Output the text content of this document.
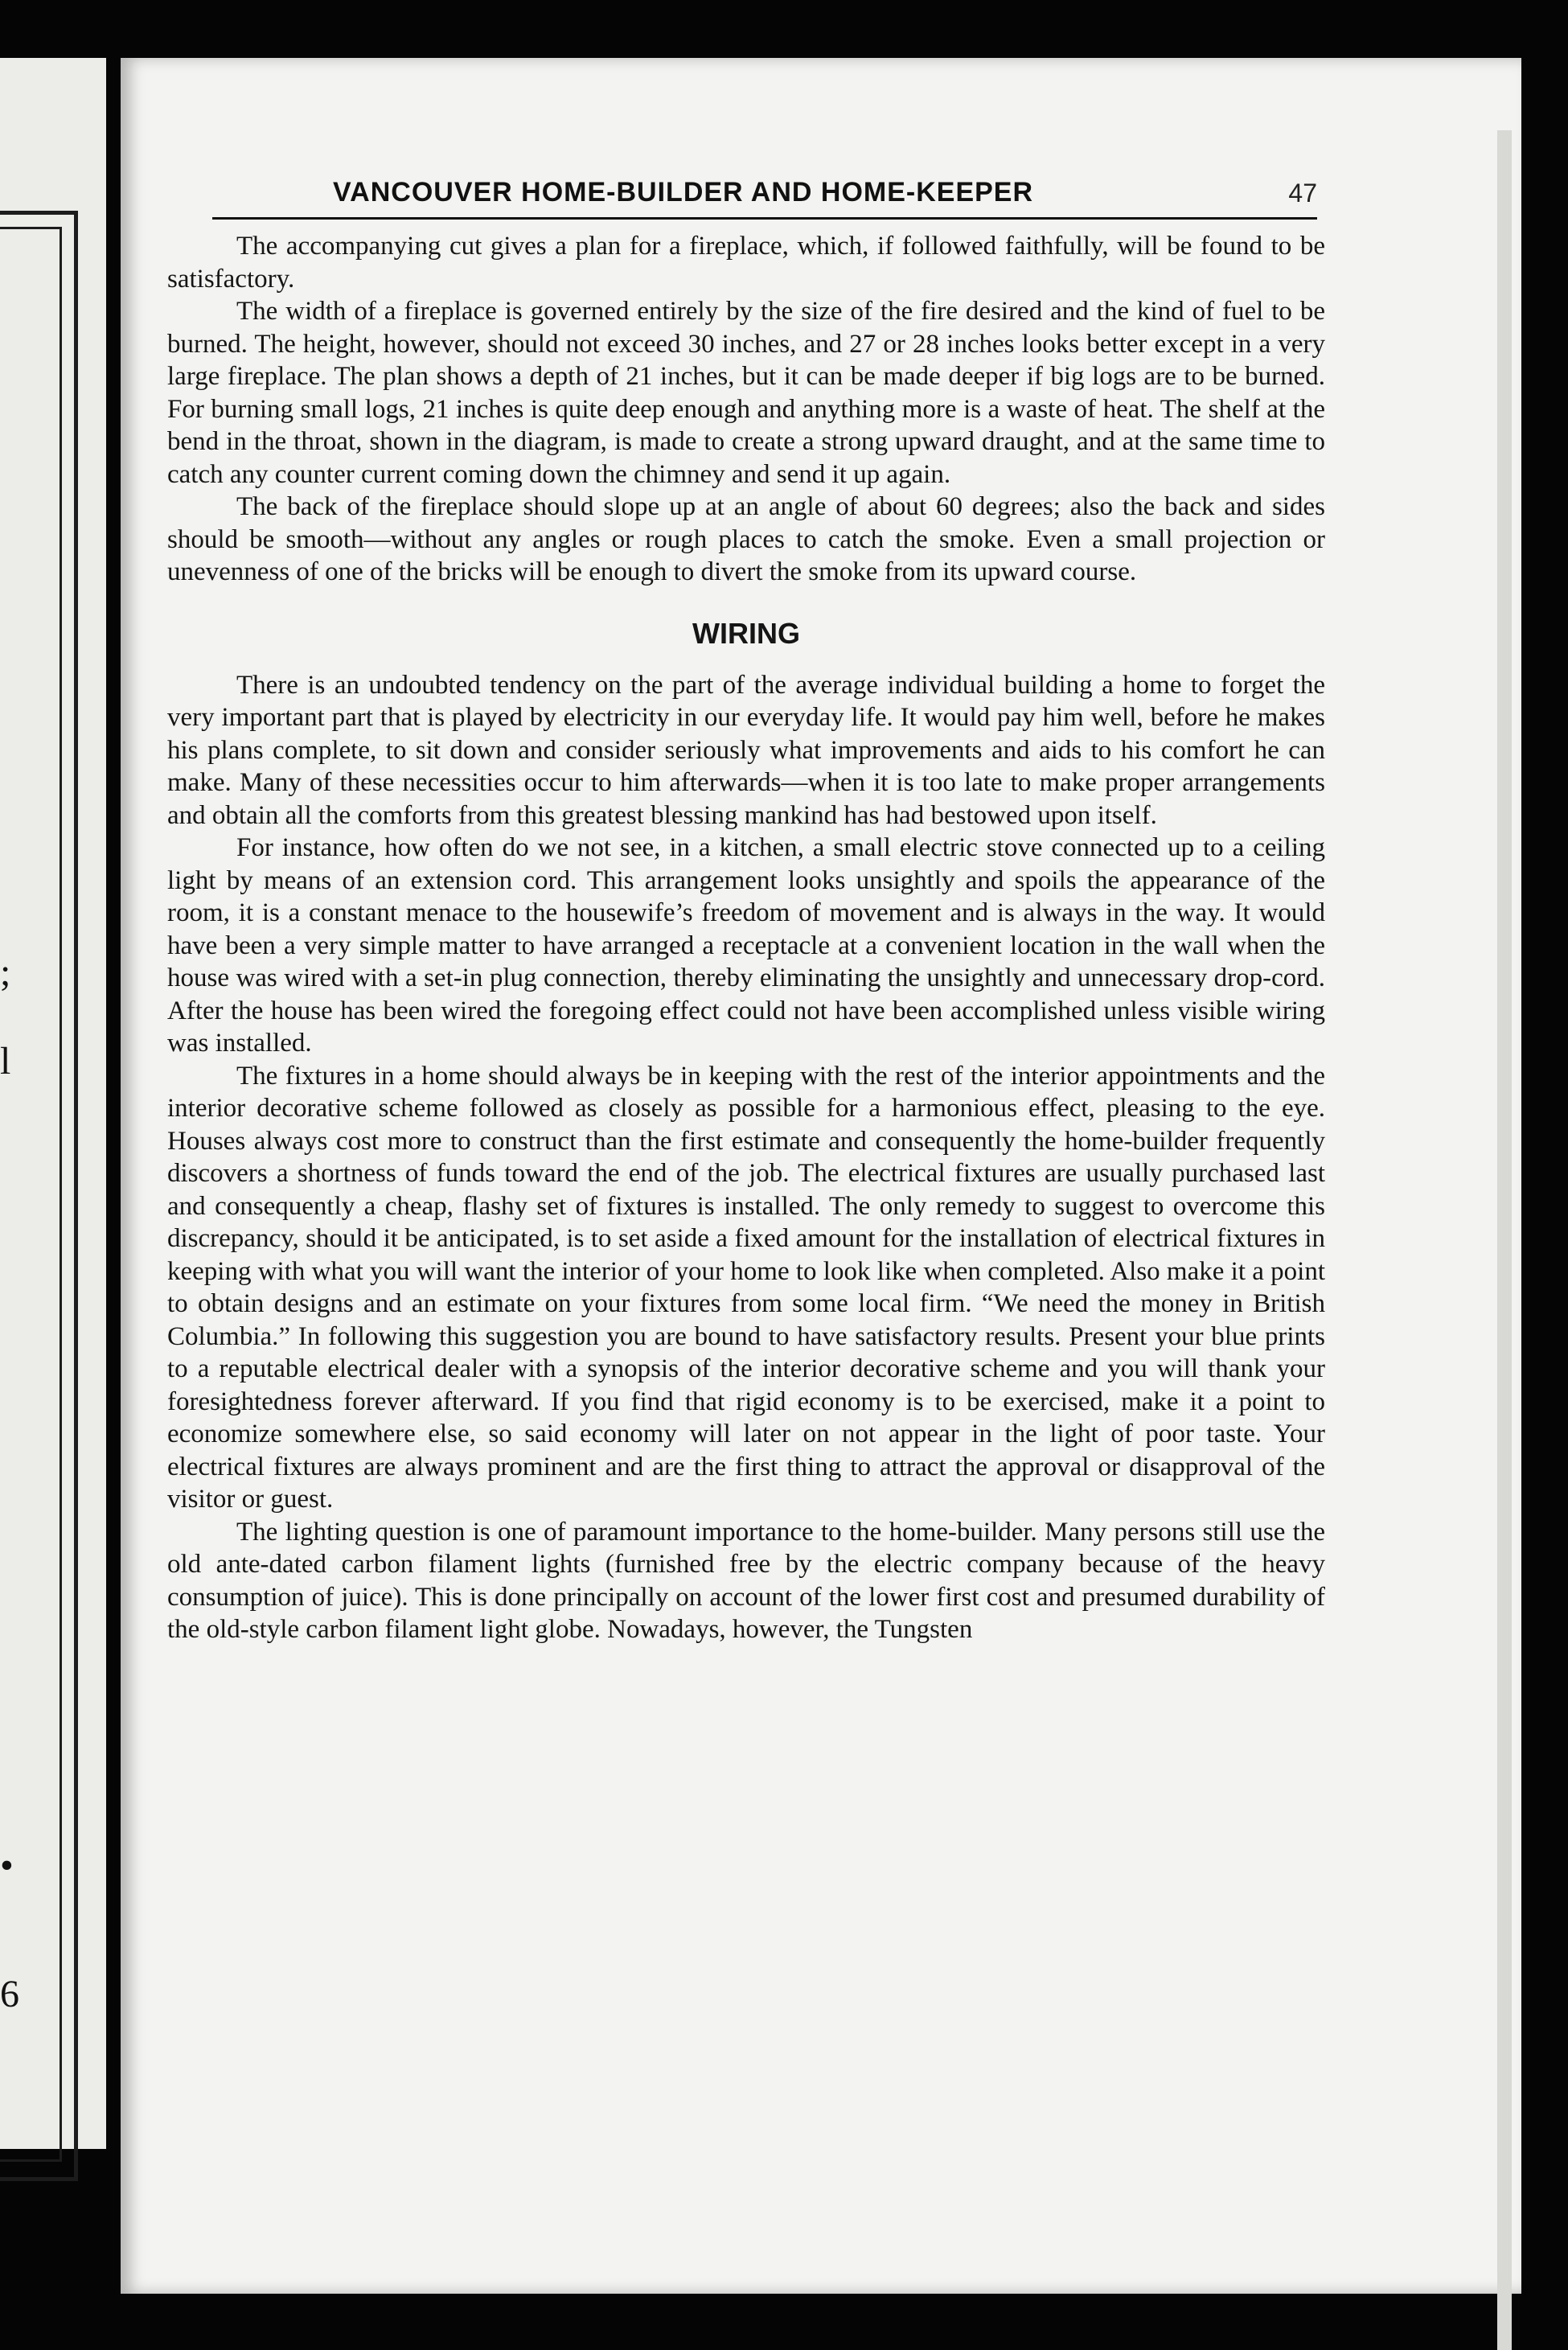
;
l
•
6
VANCOUVER HOME-BUILDER AND HOME-KEEPER	47

The accompanying cut gives a plan for a fireplace, which, if followed faithfully, will be found to be satisfactory.

The width of a fireplace is governed entirely by the size of the fire desired and the kind of fuel to be burned. The height, however, should not exceed 30 inches, and 27 or 28 inches looks better except in a very large fireplace. The plan shows a depth of 21 inches, but it can be made deeper if big logs are to be burned. For burning small logs, 21 inches is quite deep enough and anything more is a waste of heat. The shelf at the bend in the throat, shown in the diagram, is made to create a strong upward draught, and at the same time to catch any counter current coming down the chimney and send it up again.

The back of the fireplace should slope up at an angle of about 60 degrees; also the back and sides should be smooth—without any angles or rough places to catch the smoke. Even a small projection or unevenness of one of the bricks will be enough to divert the smoke from its upward course.

WIRING

There is an undoubted tendency on the part of the average individual building a home to forget the very important part that is played by electricity in our everyday life. It would pay him well, before he makes his plans complete, to sit down and consider seriously what improvements and aids to his comfort he can make. Many of these necessities occur to him afterwards—when it is too late to make proper arrangements and obtain all the comforts from this greatest blessing mankind has had bestowed upon itself.

For instance, how often do we not see, in a kitchen, a small electric stove connected up to a ceiling light by means of an extension cord. This arrangement looks unsightly and spoils the appearance of the room, it is a constant menace to the housewife’s freedom of movement and is always in the way. It would have been a very simple matter to have arranged a receptacle at a convenient location in the wall when the house was wired with a set-in plug connection, thereby eliminating the unsightly and unnecessary drop-cord. After the house has been wired the foregoing effect could not have been accomplished unless visible wiring was installed.

The fixtures in a home should always be in keeping with the rest of the interior appointments and the interior decorative scheme followed as closely as possible for a harmonious effect, pleasing to the eye. Houses always cost more to construct than the first estimate and consequently the home-builder frequently discovers a shortness of funds toward the end of the job. The electrical fixtures are usually purchased last and consequently a cheap, flashy set of fixtures is installed. The only remedy to suggest to overcome this discrepancy, should it be anticipated, is to set aside a fixed amount for the installation of electrical fixtures in keeping with what you will want the interior of your home to look like when completed. Also make it a point to obtain designs and an estimate on your fixtures from some local firm. “We need the money in British Columbia.” In following this suggestion you are bound to have satisfactory results. Present your blue prints to a reputable electrical dealer with a synopsis of the interior decorative scheme and you will thank your foresightedness forever afterward. If you find that rigid economy is to be exercised, make it a point to economize somewhere else, so said economy will later on not appear in the light of poor taste. Your electrical fixtures are always prominent and are the first thing to attract the approval or disapproval of the visitor or guest.

The lighting question is one of paramount importance to the home-builder. Many persons still use the old ante-dated carbon filament lights (furnished free by the electric company because of the heavy consumption of juice). This is done principally on account of the lower first cost and presumed durability of the old-style carbon filament light globe. Nowadays, however, the Tungsten
